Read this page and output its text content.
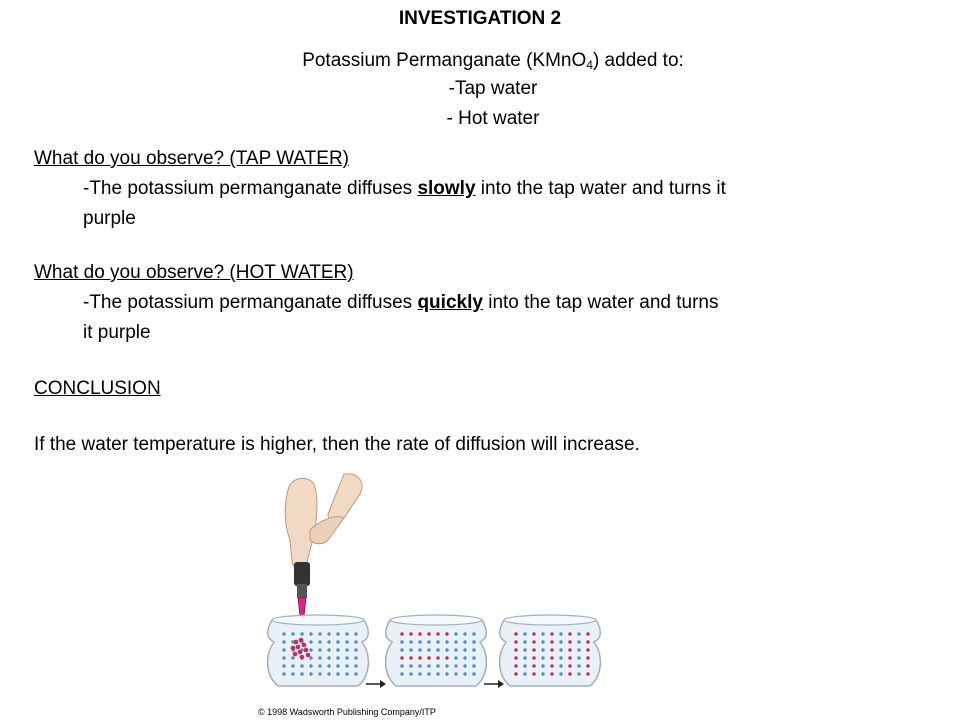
INVESTIGATION 2
Potassium Permanganate (KMnO$_4$) added to:
-Tap water
- Hot water
What do you observe? (TAP WATER)
-The potassium permanganate diffuses slowly into the tap water and turns it
purple
What do you observe? (HOT WATER)
-The potassium permanganate diffuses quickly into the tap water and turns
it purple
CONCLUSION
If the water temperature is higher, then the rate of diffusion will increase.
© 1998 Wadsworth Publishing Company/ITP
